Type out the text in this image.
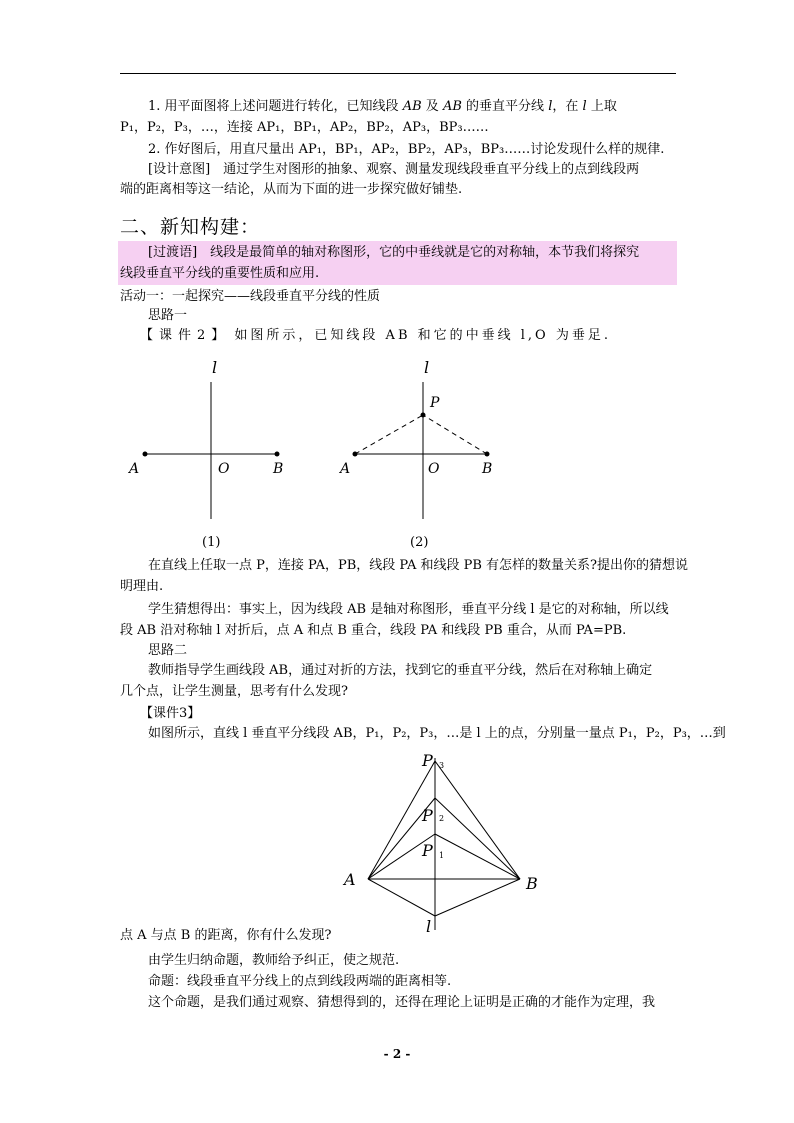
1. 用平面图将上述问题进行转化，已知线段 AB 及 AB 的垂直平分线 l，在 l 上取
P₁，P₂，P₃，…，连接 AP₁，BP₁，AP₂，BP₂，AP₃，BP₃……
2. 作好图后，用直尺量出 AP₁，BP₁，AP₂，BP₂，AP₃，BP₃……讨论发现什么样的规律.
[设计意图]　通过学生对图形的抽象、观察、测量发现线段垂直平分线上的点到线段两
端的距离相等这一结论，从而为下面的进一步探究做好铺垫.
二、新知构建：
[过渡语]　线段是最简单的轴对称图形，它的中垂线就是它的对称轴，本节我们将探究
线段垂直平分线的重要性质和应用.
活动一：一起探究——线段垂直平分线的性质
思路一
【课件2】 如图所示，已知线段 AB 和它的中垂线 l,O 为垂足.
l
A	O	B
(1)
l
P
A	O	B
(2)
在直线上任取一点 P，连接 PA，PB，线段 PA 和线段 PB 有怎样的数量关系?提出你的猜想说
明理由.
学生猜想得出：事实上，因为线段 AB 是轴对称图形，垂直平分线 l 是它的对称轴，所以线
段 AB 沿对称轴 l 对折后，点 A 和点 B 重合，线段 PA 和线段 PB 重合，从而 PA=PB.
思路二
教师指导学生画线段 AB，通过对折的方法，找到它的垂直平分线，然后在对称轴上确定
几个点，让学生测量，思考有什么发现?
【课件3】
如图所示，直线 l 垂直平分线段 AB，P₁，P₂，P₃，…是 l 上的点，分别量一量点 P₁，P₂，P₃，…到
P 3
P 2
P 1
A	B
l
点 A 与点 B 的距离，你有什么发现?
由学生归纳命题，教师给予纠正，使之规范.
命题：线段垂直平分线上的点到线段两端的距离相等.
这个命题，是我们通过观察、猜想得到的，还得在理论上证明是正确的才能作为定理，我
- 2 -
